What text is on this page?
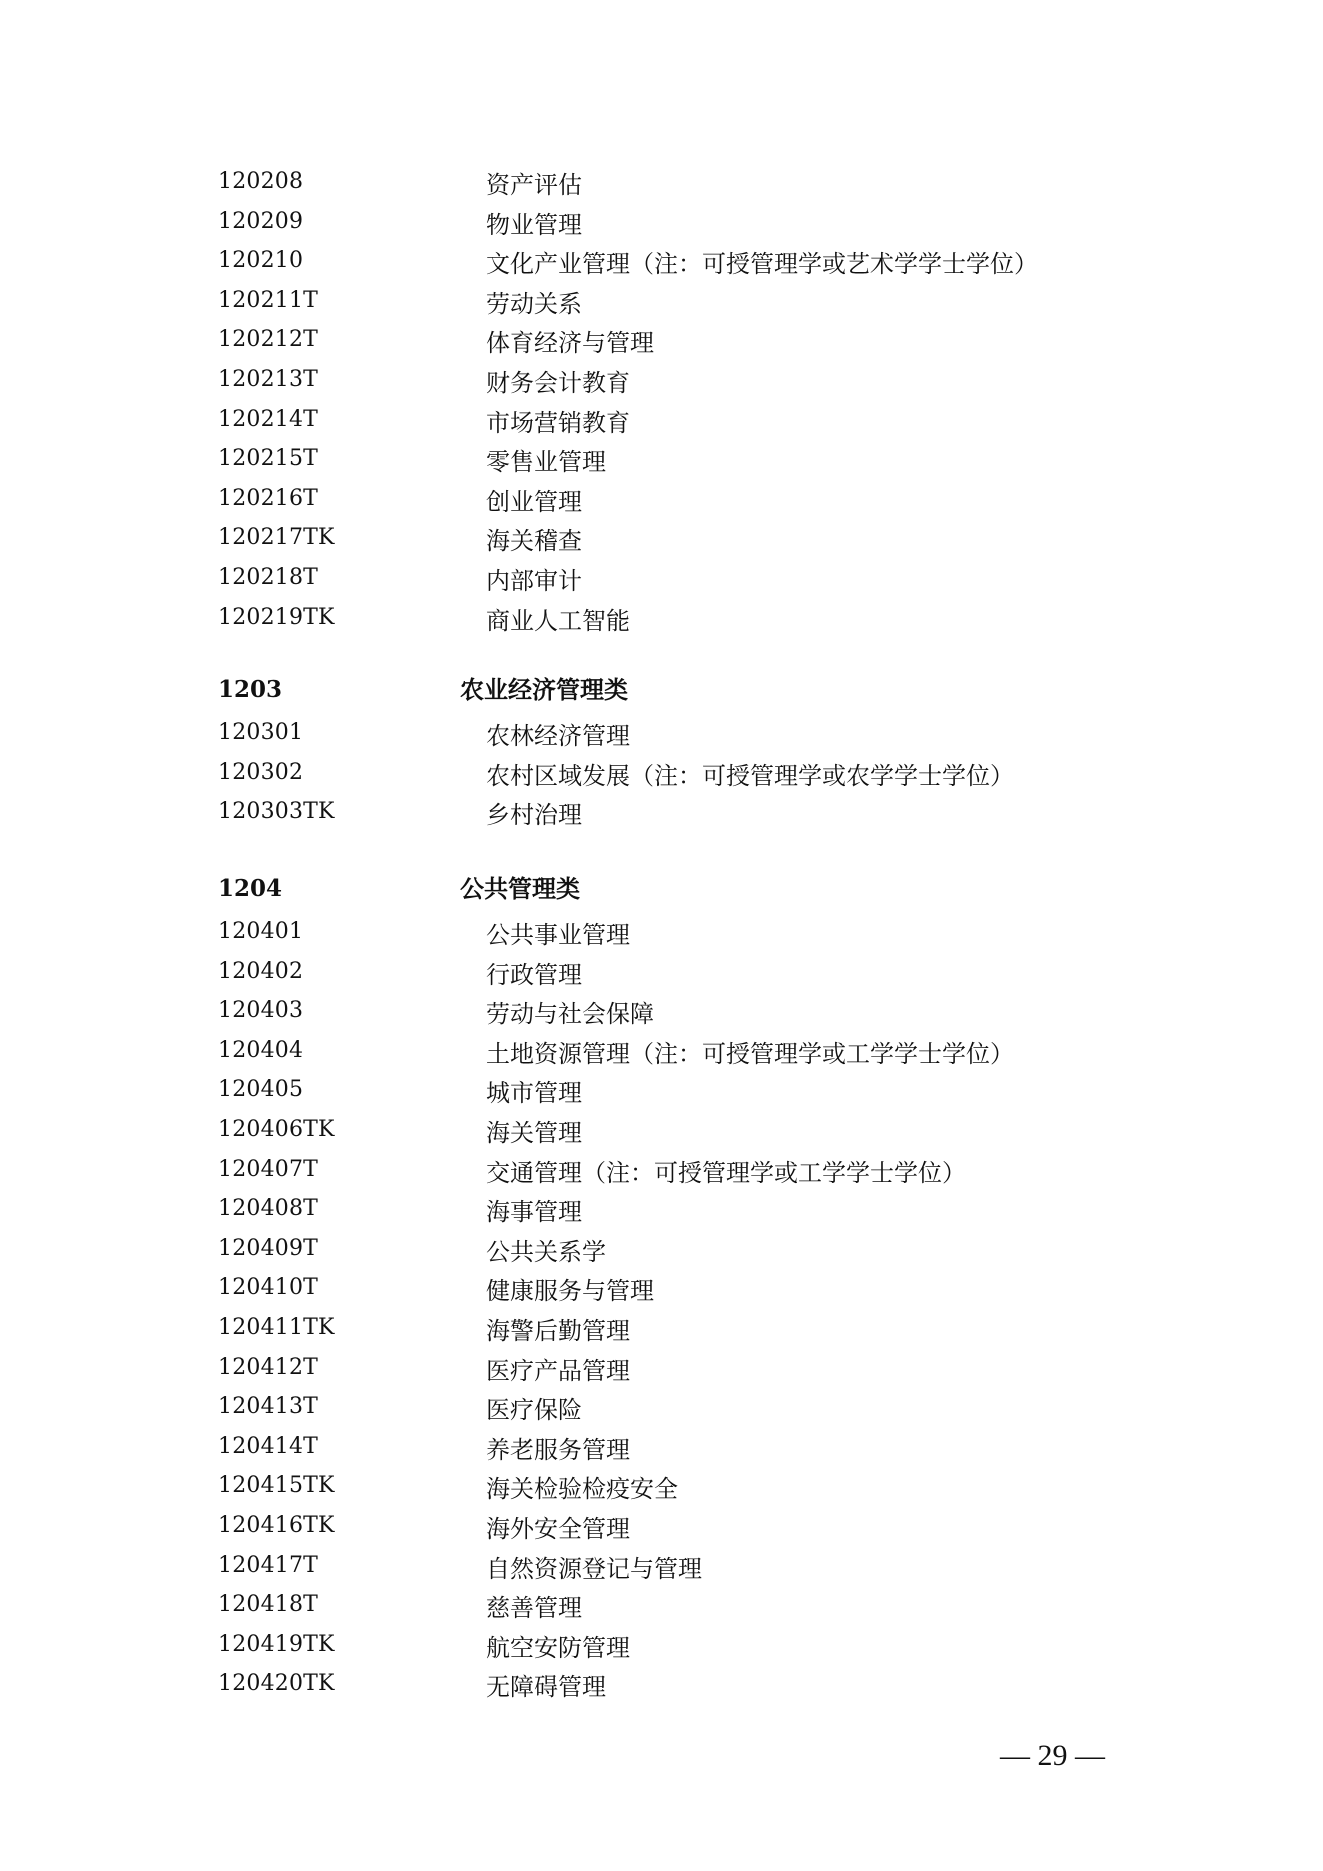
120208	资产评估
120209	物业管理
120210	文化产业管理（注：可授管理学或艺术学学士学位）
120211T	劳动关系
120212T	体育经济与管理
120213T	财务会计教育
120214T	市场营销教育
120215T	零售业管理
120216T	创业管理
120217TK	海关稽查
120218T	内部审计
120219TK	商业人工智能
1203	农业经济管理类
120301	农林经济管理
120302	农村区域发展（注：可授管理学或农学学士学位）
120303TK	乡村治理
1204	公共管理类
120401	公共事业管理
120402	行政管理
120403	劳动与社会保障
120404	土地资源管理（注：可授管理学或工学学士学位）
120405	城市管理
120406TK	海关管理
120407T	交通管理（注：可授管理学或工学学士学位）
120408T	海事管理
120409T	公共关系学
120410T	健康服务与管理
120411TK	海警后勤管理
120412T	医疗产品管理
120413T	医疗保险
120414T	养老服务管理
120415TK	海关检验检疫安全
120416TK	海外安全管理
120417T	自然资源登记与管理
120418T	慈善管理
120419TK	航空安防管理
120420TK	无障碍管理
— 29 —
